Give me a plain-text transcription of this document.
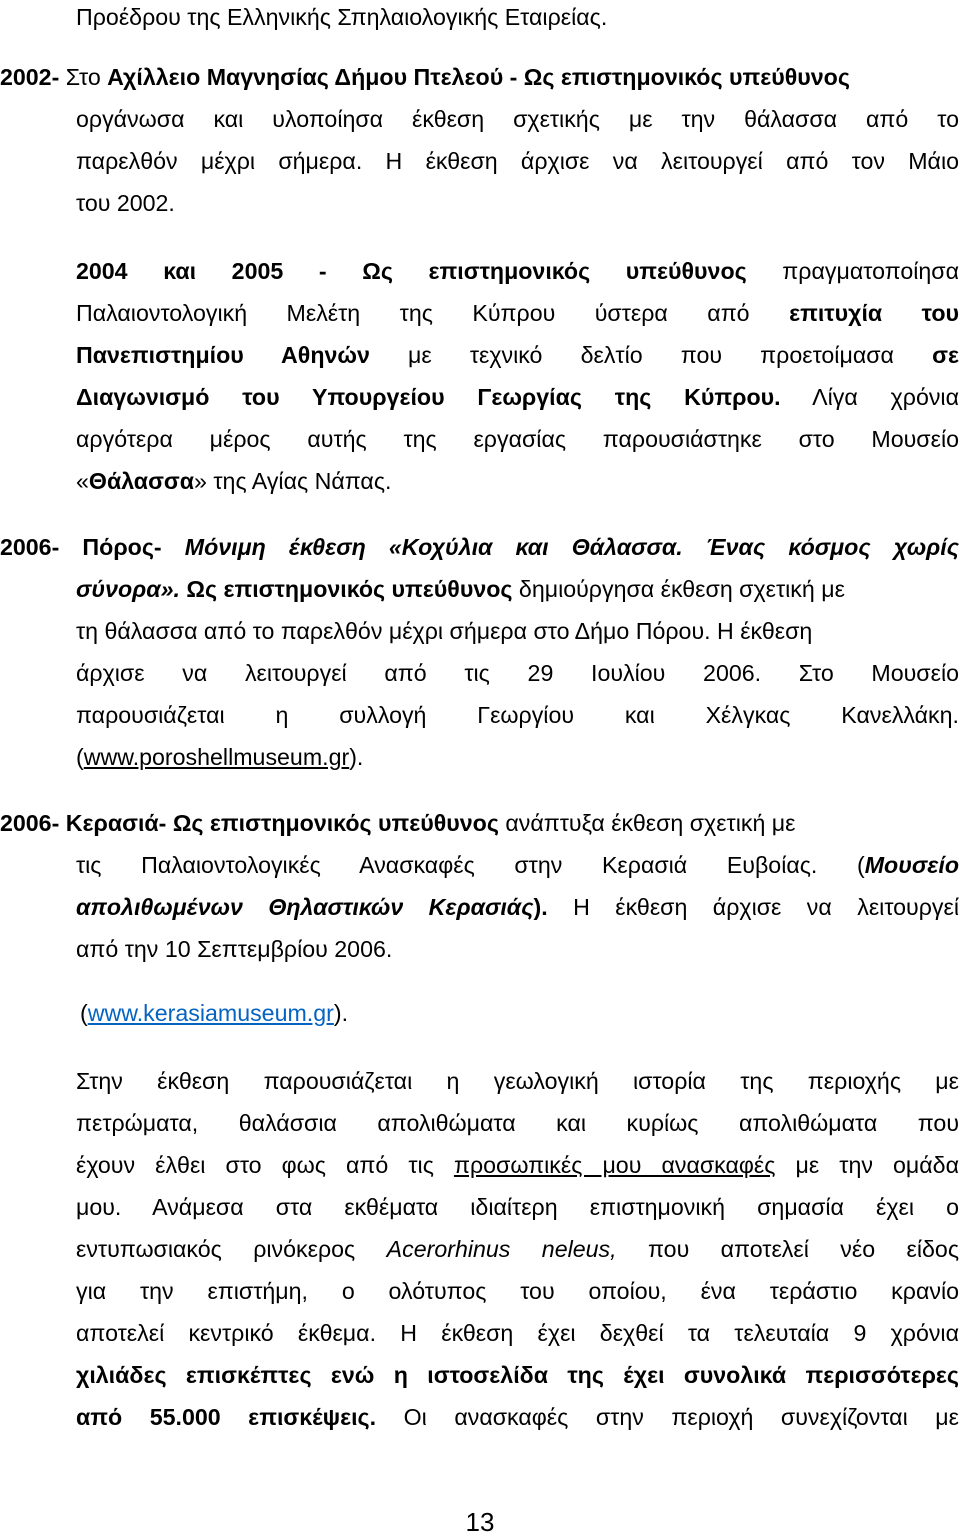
Προέδρου της Ελληνικής Σπηλαιολογικής Εταιρείας.
2002- Στο Αχίλλειο Μαγνησίας Δήμου Πτελεού - Ως επιστημονικός υπεύθυνος
οργάνωσα και υλοποίησα έκθεση σχετικής με την θάλασσα από το
παρελθόν μέχρι σήμερα. Η έκθεση άρχισε να λειτουργεί από τον Μάιο
του 2002.
2004 και 2005 - Ως επιστημονικός υπεύθυνος πραγματοποίησα
Παλαιοντολογική Μελέτη της Κύπρου ύστερα από επιτυχία του
Πανεπιστημίου Αθηνών με τεχνικό δελτίο που προετοίμασα σε
Διαγωνισμό του Υπουργείου Γεωργίας της Κύπρου. Λίγα χρόνια
αργότερα μέρος αυτής της εργασίας παρουσιάστηκε στο Μουσείο
«Θάλασσα» της Αγίας Νάπας.
2006- Πόρος- Μόνιμη έκθεση «Κοχύλια και Θάλασσα. Ένας κόσμος χωρίς
σύνορα». Ως επιστημονικός υπεύθυνος δημιούργησα έκθεση σχετική με
τη θάλασσα από το παρελθόν μέχρι σήμερα στο Δήμο Πόρου. Η έκθεση
άρχισε να λειτουργεί από τις 29 Ιουλίου 2006. Στο Μουσείο
παρουσιάζεται η συλλογή Γεωργίου και Χέλγκας Κανελλάκη.
(www.poroshellmuseum.gr).
2006- Κερασιά- Ως επιστημονικός υπεύθυνος ανάπτυξα έκθεση σχετική με
τις Παλαιοντολογικές Ανασκαφές στην Κερασιά Ευβοίας. (Μουσείο
απολιθωμένων Θηλαστικών Κερασιάς). Η έκθεση άρχισε να λειτουργεί
από την 10 Σεπτεμβρίου 2006.
(www.kerasiamuseum.gr).
Στην έκθεση παρουσιάζεται η γεωλογική ιστορία της περιοχής με
πετρώματα, θαλάσσια απολιθώματα και κυρίως απολιθώματα που
έχουν έλθει στο φως από τις προσωπικές μου ανασκαφές με την ομάδα
μου. Ανάμεσα στα εκθέματα ιδιαίτερη επιστημονική σημασία έχει ο
εντυπωσιακός ρινόκερος Acerorhinus neleus, που αποτελεί νέο είδος
για την επιστήμη, ο ολότυπος του οποίου, ένα τεράστιο κρανίο
αποτελεί κεντρικό έκθεμα. Η έκθεση έχει δεχθεί τα τελευταία 9 χρόνια
χιλιάδες επισκέπτες ενώ η ιστοσελίδα της έχει συνολικά περισσότερες
από 55.000 επισκέψεις. Οι ανασκαφές στην περιοχή συνεχίζονται με
13
